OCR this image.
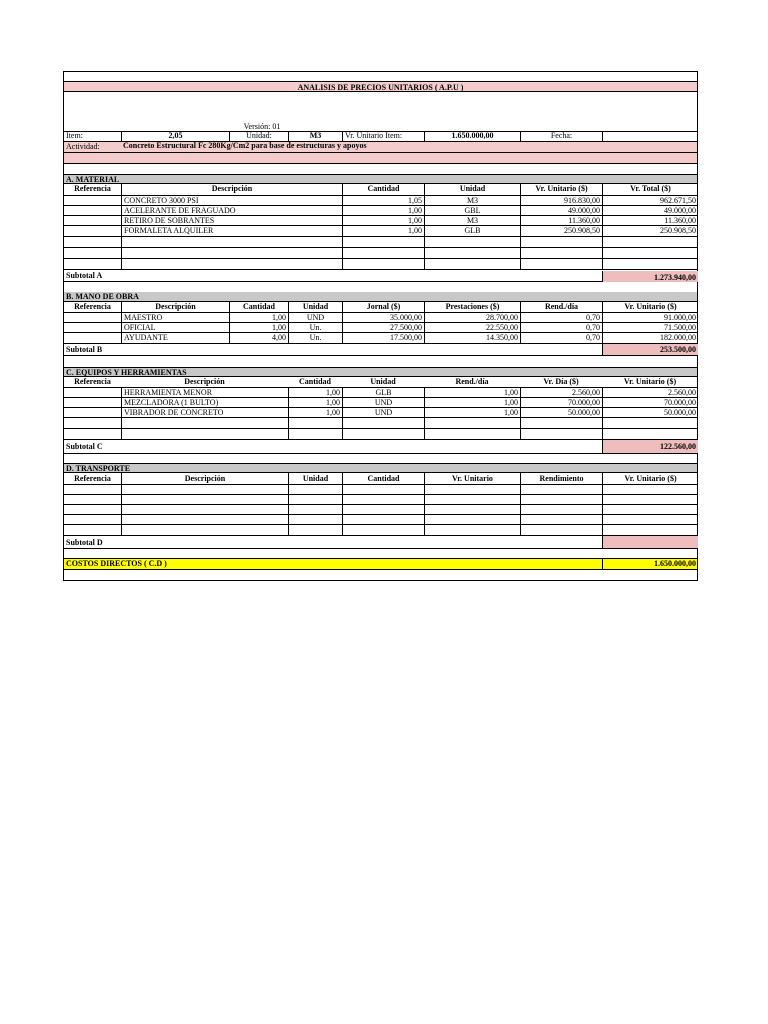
ANALISIS DE PRECIOS UNITARIOS ( A.P.U )
Versión: 01
Item:	2,05	Unidad:	M3	Vr. Unitario Item:	1.650.000,00	Fecha:
Actividad:	Concreto Estructural Fc 280Kg/Cm2 para base de estructuras y apoyos
A. MATERIAL
Referencia	Descripción	Cantidad	Unidad	Vr. Unitario ($)	Vr. Total ($)
CONCRETO 3000 PSI	1,05	M3	916.830,00	962.671,50
ACELERANTE DE FRAGUADO	1,00	GBL	49.000,00	49.000,00
RETIRO DE SOBRANTES	1,00	M3	11.360,00	11.360,00
FORMALETA ALQUILER	1,00	GLB	250.908,50	250.908,50
Subtotal A	1.273.940,00
B. MANO DE OBRA
Referencia	Descripción	Cantidad	Unidad	Jornal ($)	Prestaciones ($)	Rend./día	Vr. Unitario ($)
MAESTRO	1,00	UND	35.000,00	28.700,00	0,70	91.000,00
OFICIAL	1,00	Un.	27.500,00	22.550,00	0,70	71.500,00
AYUDANTE	4,00	Un.	17.500,00	14.350,00	0,70	182.000,00
Subtotal B	253.500,00
C. EQUIPOS Y HERRAMIENTAS
Referencia	Descripción	Cantidad	Unidad	Rend./día	Vr. Día ($)	Vr. Unitario ($)
HERRAMIENTA MENOR	1,00	GLB	1,00	2.560,00	2.560,00
MEZCLADORA (1 BULTO)	1,00	UND	1,00	70.000,00	70.000,00
VIBRADOR DE CONCRETO	1,00	UND	1,00	50.000,00	50.000,00
Subtotal C	122.560,00
D. TRANSPORTE
Referencia	Descripción	Unidad	Cantidad	Vr. Unitario	Rendimiento	Vr. Unitario ($)
Subtotal D
COSTOS DIRECTOS ( C.D )	1.650.000,00
